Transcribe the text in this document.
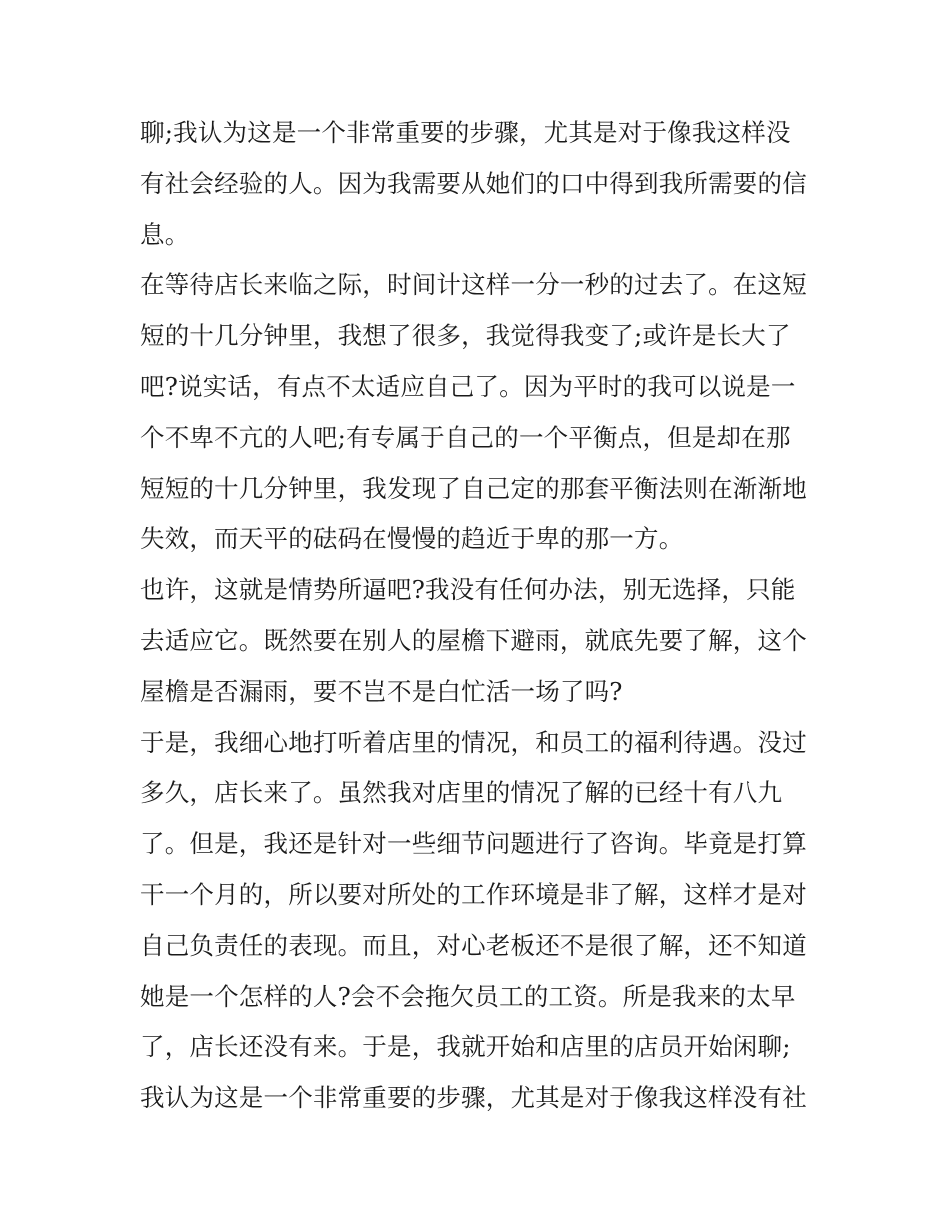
聊;我认为这是一个非常重要的步骤，尤其是对于像我这样没
有社会经验的人。因为我需要从她们的口中得到我所需要的信
息。
在等待店长来临之际，时间计这样一分一秒的过去了。在这短
短的十几分钟里，我想了很多，我觉得我变了;或许是长大了
吧?说实话，有点不太适应自己了。因为平时的我可以说是一
个不卑不亢的人吧;有专属于自己的一个平衡点，但是却在那
短短的十几分钟里，我发现了自己定的那套平衡法则在渐渐地
失效，而天平的砝码在慢慢的趋近于卑的那一方。
也许，这就是情势所逼吧?我没有任何办法，别无选择，只能
去适应它。既然要在别人的屋檐下避雨，就底先要了解，这个
屋檐是否漏雨，要不岂不是白忙活一场了吗?
于是，我细心地打听着店里的情况，和员工的福利待遇。没过
多久，店长来了。虽然我对店里的情况了解的已经十有八九
了。但是，我还是针对一些细节问题进行了咨询。毕竟是打算
干一个月的，所以要对所处的工作环境是非了解，这样才是对
自己负责任的表现。而且，对心老板还不是很了解，还不知道
她是一个怎样的人?会不会拖欠员工的工资。所是我来的太早
了，店长还没有来。于是，我就开始和店里的店员开始闲聊;
我认为这是一个非常重要的步骤，尤其是对于像我这样没有社
